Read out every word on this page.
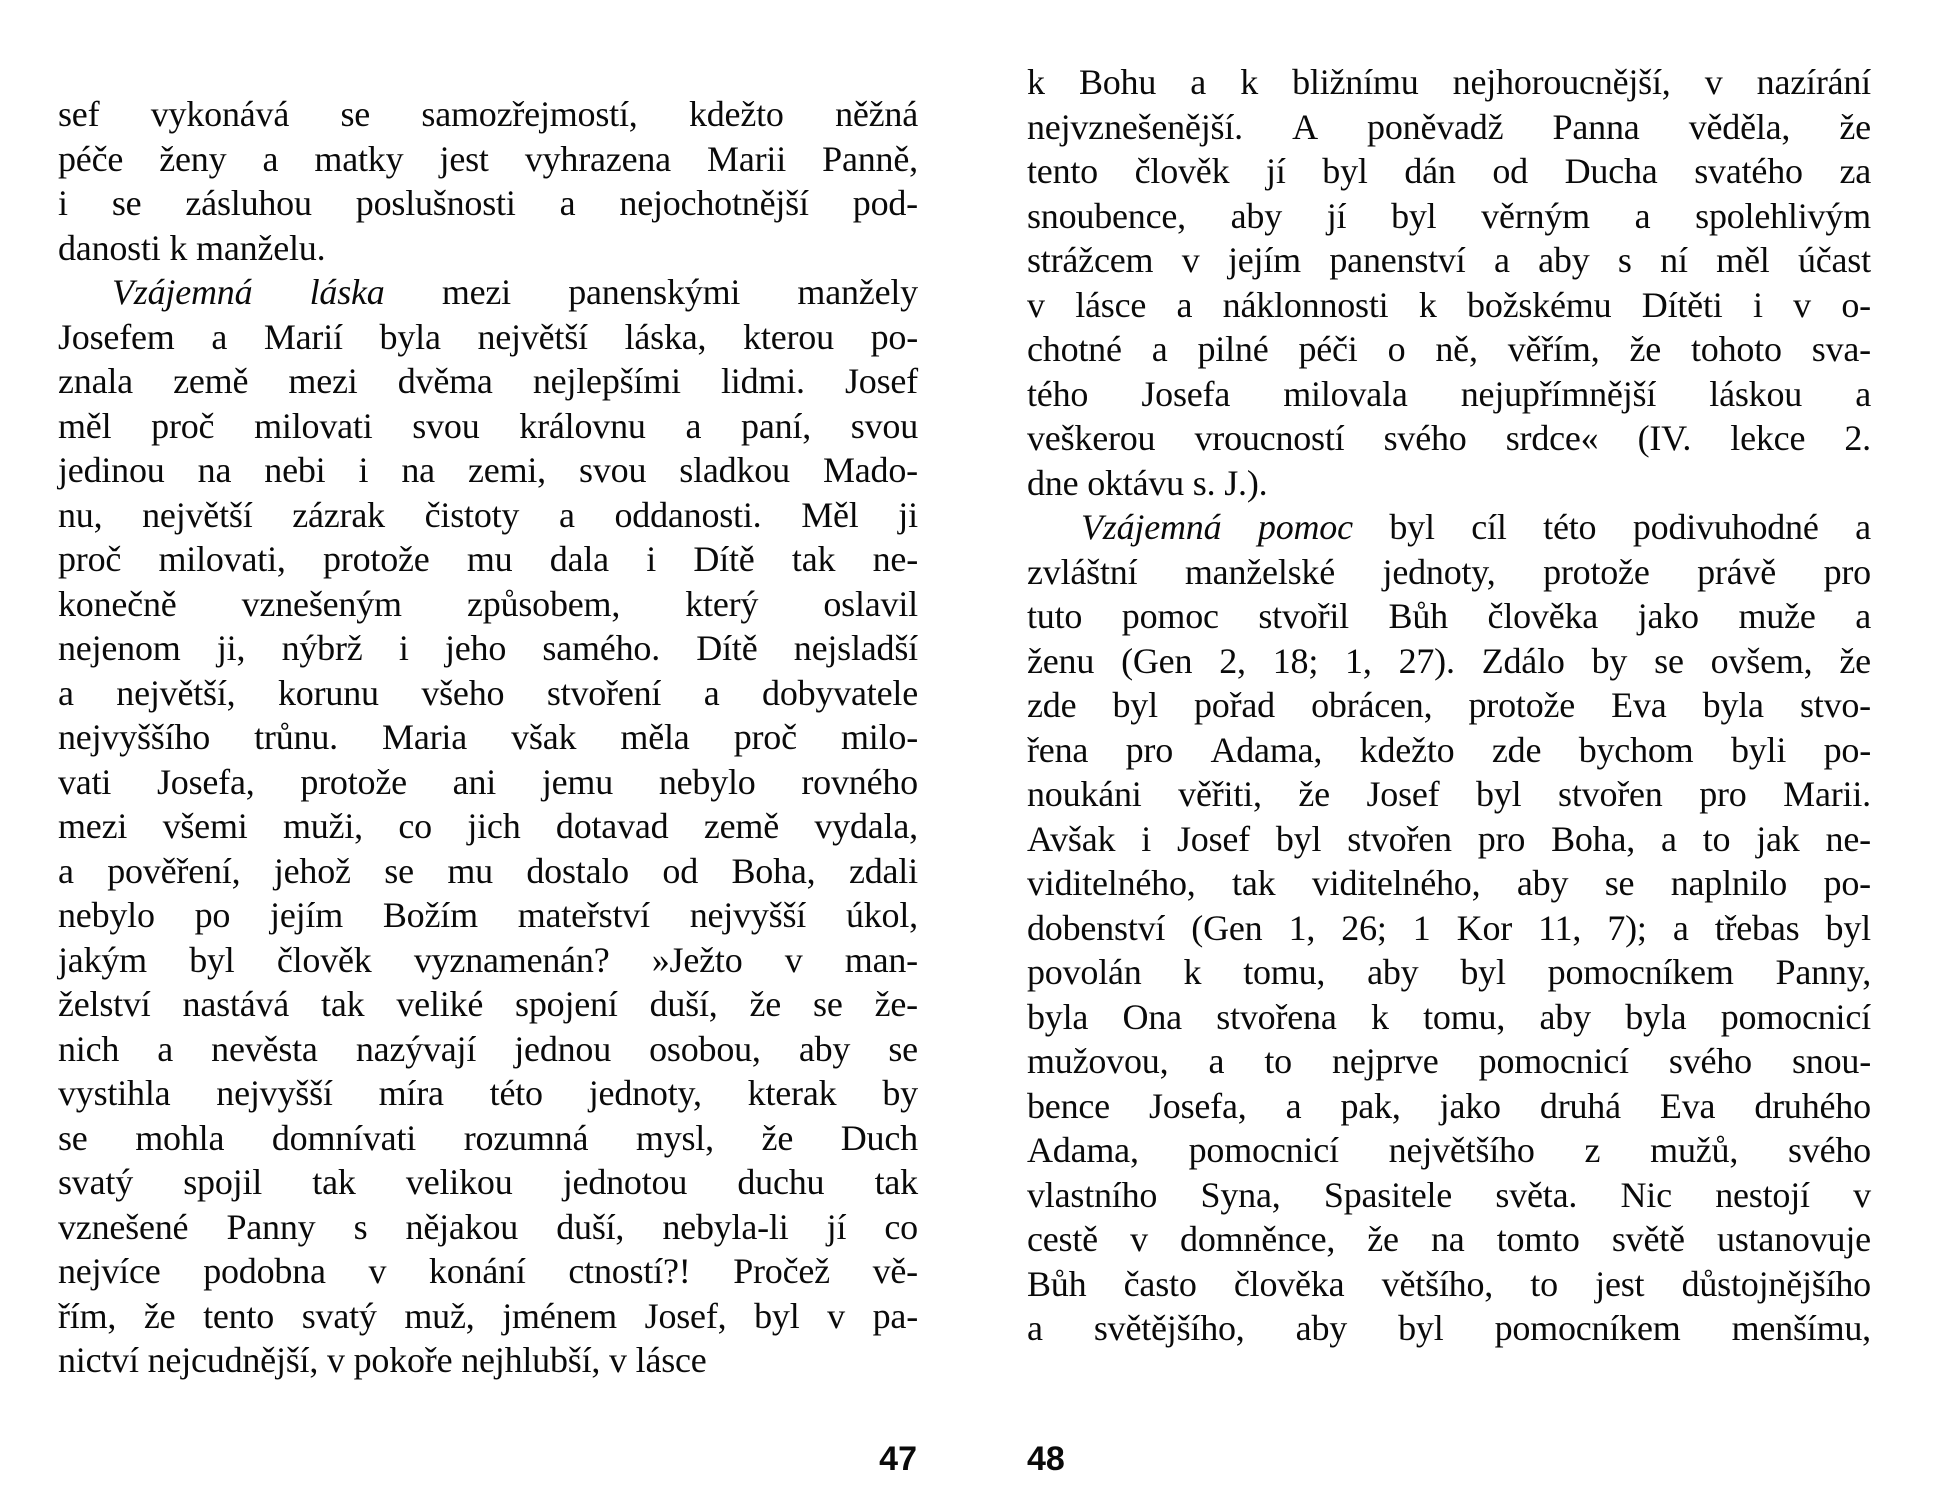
sef vykonává se samozřejmostí, kdežto něžná
péče ženy a matky jest vyhrazena Marii Panně,
i se zásluhou poslušnosti a nejochotnější pod-
danosti k manželu.
Vzájemná láska mezi panenskými manžely
Josefem a Marií byla největší láska, kterou po-
znala země mezi dvěma nejlepšími lidmi. Josef
měl proč milovati svou královnu a paní, svou
jedinou na nebi i na zemi, svou sladkou Mado-
nu, největší zázrak čistoty a oddanosti. Měl ji
proč milovati, protože mu dala i Dítě tak ne-
konečně vznešeným způsobem, který oslavil
nejenom ji, nýbrž i jeho samého. Dítě nejsladší
a největší, korunu všeho stvoření a dobyvatele
nejvyššího trůnu. Maria však měla proč milo-
vati Josefa, protože ani jemu nebylo rovného
mezi všemi muži, co jich dotavad země vydala,
a pověření, jehož se mu dostalo od Boha, zdali
nebylo po jejím Božím mateřství nejvyšší úkol,
jakým byl člověk vyznamenán? »Ježto v man-
želství nastává tak veliké spojení duší, že se že-
nich a nevěsta nazývají jednou osobou, aby se
vystihla nejvyšší míra této jednoty, kterak by
se mohla domnívati rozumná mysl, že Duch
svatý spojil tak velikou jednotou duchu tak
vznešené Panny s nějakou duší, nebyla-li jí co
nejvíce podobna v konání ctností?! Pročež vě-
řím, že tento svatý muž, jménem Josef, byl v pa-
nictví nejcudnější, v pokoře nejhlubší, v lásce
47
k Bohu a k bližnímu nejhoroucnější, v nazírání
nejvznešenější. A poněvadž Panna věděla, že
tento člověk jí byl dán od Ducha svatého za
snoubence, aby jí byl věrným a spolehlivým
strážcem v jejím panenství a aby s ní měl účast
v lásce a náklonnosti k božskému Dítěti i v o-
chotné a pilné péči o ně, věřím, že tohoto sva-
tého Josefa milovala nejupřímnější láskou a
veškerou vroucností svého srdce« (IV. lekce 2.
dne oktávu s. J.).
Vzájemná pomoc byl cíl této podivuhodné a
zvláštní manželské jednoty, protože právě pro
tuto pomoc stvořil Bůh člověka jako muže a
ženu (Gen 2, 18; 1, 27). Zdálo by se ovšem, že
zde byl pořad obrácen, protože Eva byla stvo-
řena pro Adama, kdežto zde bychom byli po-
noukáni věřiti, že Josef byl stvořen pro Marii.
Avšak i Josef byl stvořen pro Boha, a to jak ne-
viditelného, tak viditelného, aby se naplnilo po-
dobenství (Gen 1, 26; 1 Kor 11, 7); a třebas byl
povolán k tomu, aby byl pomocníkem Panny,
byla Ona stvořena k tomu, aby byla pomocnicí
mužovou, a to nejprve pomocnicí svého snou-
bence Josefa, a pak, jako druhá Eva druhého
Adama, pomocnicí největšího z mužů, svého
vlastního Syna, Spasitele světa. Nic nestojí v
cestě v domněnce, že na tomto světě ustanovuje
Bůh často člověka většího, to jest důstojnějšího
a světějšího, aby byl pomocníkem menšímu,
48
